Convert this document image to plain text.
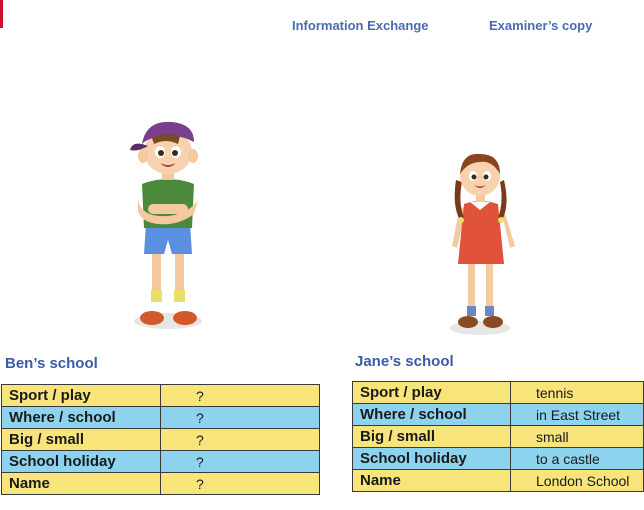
Information Exchange	Examiner’s copy
Ben’s school
Sport / play	?
Where / school	?
Big / small	?
School holiday	?
Name	?
Jane’s school
Sport / play	tennis
Where / school	in East Street
Big / small	small
School holiday	to a castle
Name	London School
